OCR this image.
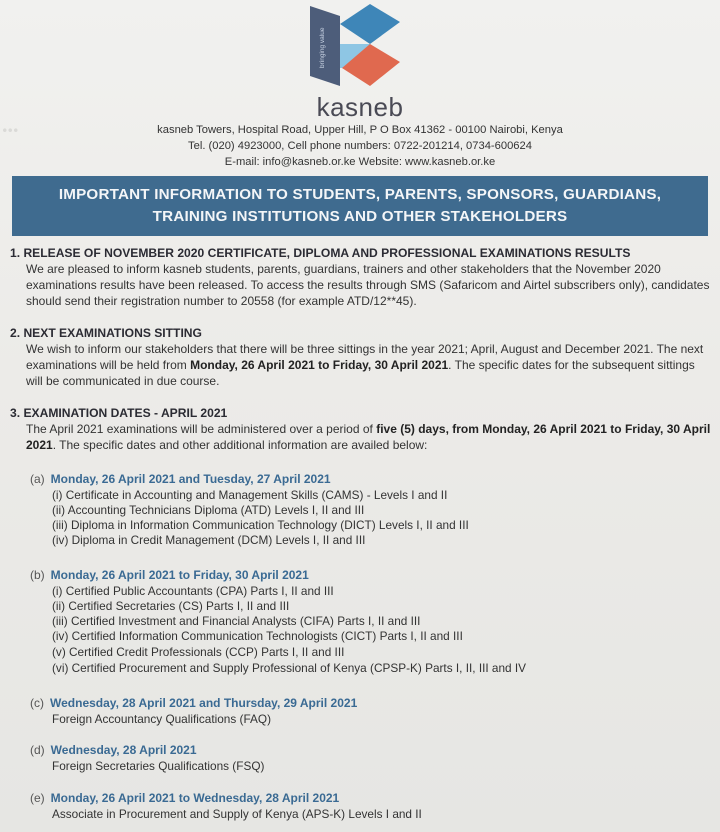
...
bringing value
kasneb
kasneb Towers, Hospital Road, Upper Hill, P O Box 41362 - 00100 Nairobi, Kenya
Tel. (020) 4923000, Cell phone numbers: 0722-201214, 0734-600624
E-mail: info@kasneb.or.ke Website: www.kasneb.or.ke
IMPORTANT INFORMATION TO STUDENTS, PARENTS, SPONSORS, GUARDIANS,
TRAINING INSTITUTIONS AND OTHER STAKEHOLDERS
1. RELEASE OF NOVEMBER 2020 CERTIFICATE, DIPLOMA AND PROFESSIONAL EXAMINATIONS RESULTS
We are pleased to inform kasneb students, parents, guardians, trainers and other stakeholders that the November 2020 examinations results have been released. To access the results through SMS (Safaricom and Airtel subscribers only), candidates should send their registration number to 20558 (for example ATD/12**45).
2. NEXT EXAMINATIONS SITTING
We wish to inform our stakeholders that there will be three sittings in the year 2021; April, August and December 2021. The next examinations will be held from Monday, 26 April 2021 to Friday, 30 April 2021. The specific dates for the subsequent sittings will be communicated in due course.
3. EXAMINATION DATES - APRIL 2021
The April 2021 examinations will be administered over a period of five (5) days, from Monday, 26 April 2021 to Friday, 30 April 2021. The specific dates and other additional information are availed below:
(a) Monday, 26 April 2021 and Tuesday, 27 April 2021
(i) Certificate in Accounting and Management Skills (CAMS) - Levels I and II
(ii) Accounting Technicians Diploma (ATD) Levels I, II and III
(iii) Diploma in Information Communication Technology (DICT) Levels I, II and III
(iv) Diploma in Credit Management (DCM) Levels I, II and III
(b) Monday, 26 April 2021 to Friday, 30 April 2021
(i) Certified Public Accountants (CPA) Parts I, II and III
(ii) Certified Secretaries (CS) Parts I, II and III
(iii) Certified Investment and Financial Analysts (CIFA) Parts I, II and III
(iv) Certified Information Communication Technologists (CICT) Parts I, II and III
(v) Certified Credit Professionals (CCP) Parts I, II and III
(vi) Certified Procurement and Supply Professional of Kenya (CPSP-K) Parts I, II, III and IV
(c) Wednesday, 28 April 2021 and Thursday, 29 April 2021
Foreign Accountancy Qualifications (FAQ)
(d) Wednesday, 28 April 2021
Foreign Secretaries Qualifications (FSQ)
(e) Monday, 26 April 2021 to Wednesday, 28 April 2021
Associate in Procurement and Supply of Kenya (APS-K) Levels I and II
